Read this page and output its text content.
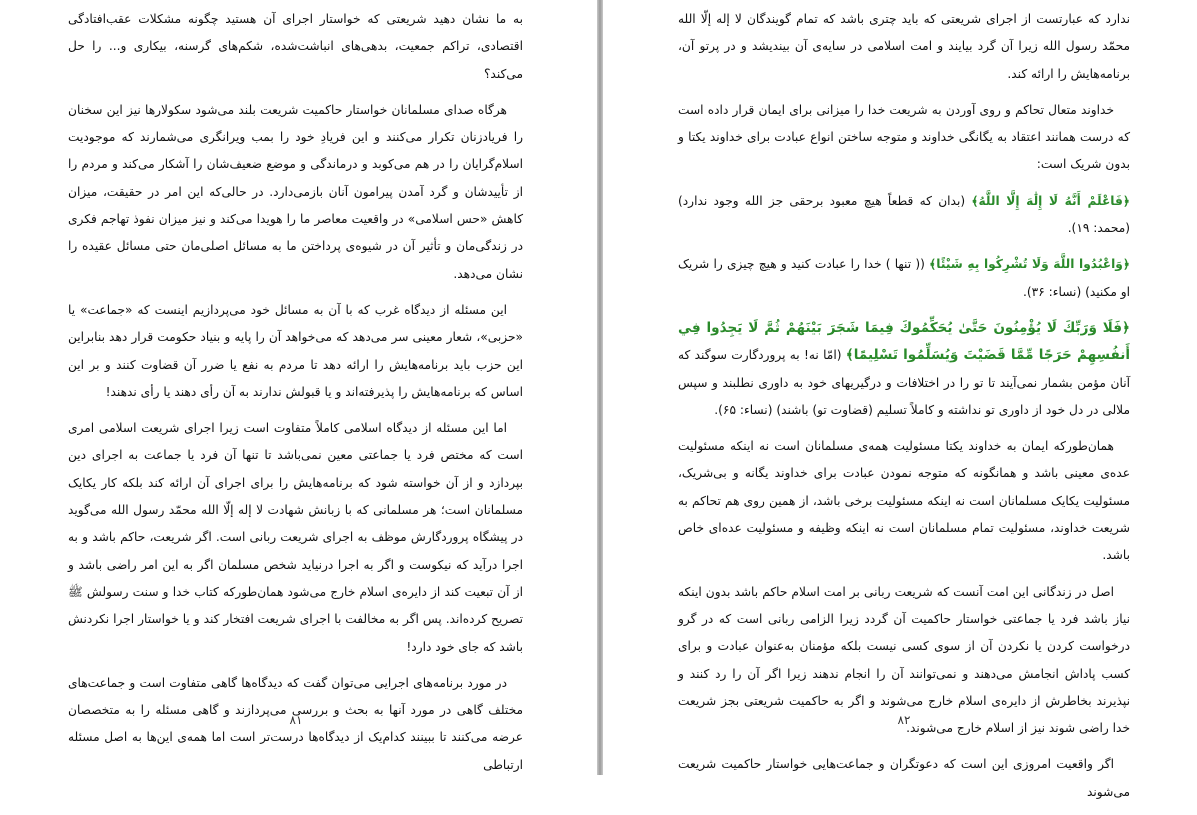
به ما نشان دهید شریعتی که خواستار اجرای آن هستید چگونه مشکلات عقب‌افتادگی اقتصادی، تراکم جمعیت، بدهی‌های انباشت‌شده، شکم‌های گرسنه، بیکاری و... را حل می‌کند؟

هرگاه صدای مسلمانان خواستار حاکمیت شریعت بلند می‌شود سکولارها نیز این سخنان را فریادزنان تکرار می‌کنند و این فریادِ خود را بمب ویرانگری می‌شمارند که موجودیت اسلام‌گرایان را در هم می‌کوبد و درماندگی و موضع ضعیف‌شان را آشکار می‌کند و مردم را از تأییدشان و گرد آمدن پیرامون آنان بازمی‌دارد. در حالی‌که این امر در حقیقت، میزان کاهش «حس اسلامی» در واقعیت معاصر ما را هویدا می‌کند و نیز میزان نفوذ تهاجم فکری در زندگی‌مان و تأثیر آن در شیوه‌ی پرداختن ما به مسائل اصلی‌مان حتی مسائل عقیده را نشان می‌دهد.

این مسئله از دیدگاه غرب که با آن به مسائل خود می‌پردازیم اینست که «جماعت» یا «حزبی»، شعار معینی سر می‌دهد که می‌خواهد آن را پایه و بنیاد حکومت قرار دهد بنابراین این حزب باید برنامه‌هایش را ارائه دهد تا مردم به نفع یا ضرر آن قضاوت کنند و بر این اساس که برنامه‌هایش را پذیرفته‌اند و یا قبولش ندارند به آن رأی دهند یا رأی ندهند!

اما این مسئله از دیدگاه اسلامی کاملاً متفاوت است زیرا اجرای شریعت اسلامی امری است که مختص فرد یا جماعتی معین نمی‌باشد تا تنها آن فرد یا جماعت به اجرای دین بپردازد و از آن خواسته شود که برنامه‌هایش را برای اجرای آن ارائه کند بلکه کار یکایک مسلمانان است؛ هر مسلمانی که با زبانش شهادت لا إله إلّا الله محمّد رسول الله می‌گوید در پیشگاه پروردگارش موظف به اجرای شریعت ربانی است. اگر شریعت، حاکم باشد و به اجرا درآید که نیکوست و اگر به اجرا درنیاید شخص مسلمان اگر به این امر راضی باشد و از آن تبعیت کند از دایره‌ی اسلام خارج می‌شود همان‌طورکه کتاب خدا و سنت رسولش ﷺ تصریح کرده‌اند. پس اگر به مخالفت با اجرای شریعت افتخار کند و یا خواستار اجرا نکردنش باشد که جای خود دارد!

در مورد برنامه‌های اجرایی می‌توان گفت که دیدگاه‌ها گاهی متفاوت است و جماعت‌های مختلف گاهی در مورد آنها به بحث و بررسی می‌پردازند و گاهی مسئله را به متخصصان عرضه می‌کنند تا ببینند کدام‌یک از دیدگاه‌ها درست‌تر است اما همه‌ی این‌ها به اصل مسئله ارتباطی

۸۱

ندارد که عبارتست از اجرای شریعتی که باید چتری باشد که تمام گویندگان لا إله إلّا الله محمّد رسول الله زیرا آن گرد بیایند و امت اسلامی در سایه‌ی آن بیندیشد و در پرتو آن، برنامه‌هایش را ارائه کند.

خداوند متعال تحاکم و روی آوردن به شریعت خدا را میزانی برای ایمان قرار داده است که درست همانند اعتقاد به یگانگی خداوند و متوجه ساختن انواع عبادت برای خداوند یکتا و بدون شریک است:

﴿فَاعْلَمْ أَنَّهُ لَا إِلَٰهَ إِلَّا اللَّهُ﴾ (بدان که قطعاً هیچ معبود برحقی جز الله وجود ندارد) (محمد: ۱۹).

﴿وَاعْبُدُوا اللَّهَ وَلَا تُشْرِكُوا بِهِ شَيْئًا﴾ (( تنها ) خدا را عبادت کنید و هیچ چیزی را شریک او مکنید) (نساء: ۳۶).

﴿فَلَا وَرَبِّكَ لَا يُؤْمِنُونَ حَتَّىٰ يُحَكِّمُوكَ فِيمَا شَجَرَ بَيْنَهُمْ ثُمَّ لَا يَجِدُوا فِي أَنفُسِهِمْ حَرَجًا مِّمَّا قَضَيْتَ وَيُسَلِّمُوا تَسْلِيمًا﴾ (امّا نه! به پروردگارت سوگند که آنان مؤمن بشمار نمی‌آیند تا تو را در اختلافات و درگیریهای خود به داوری نطلبند و سپس ملالی در دل خود از داوری تو نداشته و کاملاً تسلیم (قضاوت تو) باشند) (نساء: ۶۵).

همان‌طورکه ایمان به خداوند یکتا مسئولیت همه‌ی مسلمانان است نه اینکه مسئولیت عده‌ی معینی باشد و همانگونه که متوجه نمودن عبادت برای خداوند یگانه و بی‌شریک، مسئولیت یکایک مسلمانان است نه اینکه مسئولیت برخی باشد، از همین روی هم تحاکم به شریعت خداوند، مسئولیت تمام مسلمانان است نه اینکه وظیفه و مسئولیت عده‌ای خاص باشد.

اصل در زندگانی این امت آنست که شریعت ربانی بر امت اسلام حاکم باشد بدون اینکه نیاز باشد فرد یا جماعتی خواستار حاکمیت آن گردد زیرا الزامی ربانی است که در گرو درخواست کردن یا نکردن آن از سوی کسی نیست بلکه مؤمنان به‌عنوان عبادت و برای کسب پاداش انجامش می‌دهند و نمی‌توانند آن را انجام ندهند زیرا اگر آن را رد کنند و نپذیرند بخاطرش از دایره‌ی اسلام خارج می‌شوند و اگر به حاکمیت شریعتی بجز شریعت خدا راضی شوند نیز از اسلام خارج می‌شوند.

اگر واقعیت امروزی این است که دعوتگران و جماعت‌هایی خواستار حاکمیت شریعت می‌شوند

۸۲
